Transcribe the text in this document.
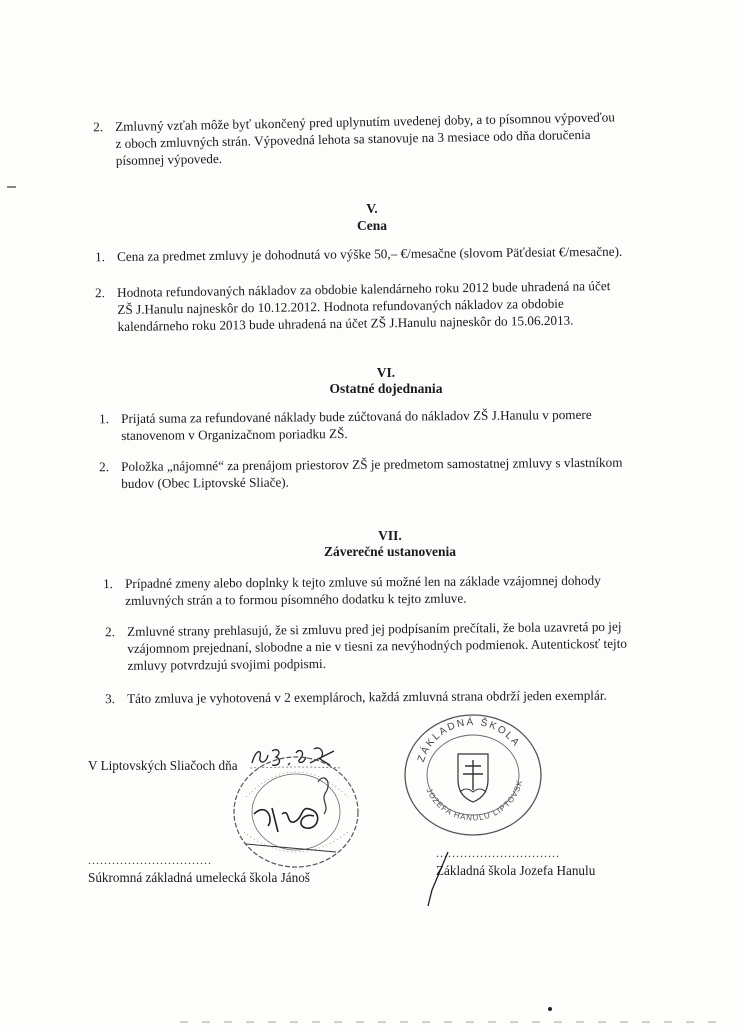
2. Zmluvný vzťah môže byť ukončený pred uplynutím uvedenej doby, a to písomnou výpoveďou
z oboch zmluvných strán. Výpovedná lehota sa stanovuje na 3 mesiace odo dňa doručenia
písomnej výpovede.
V.
Cena
1. Cena za predmet zmluvy je dohodnutá vo výške 50,– €/mesačne (slovom Päťdesiat €/mesačne).
2. Hodnota refundovaných nákladov za obdobie kalendárneho roku 2012 bude uhradená na účet
ZŠ J.Hanulu najneskôr do 10.12.2012. Hodnota refundovaných nákladov za obdobie
kalendárneho roku 2013 bude uhradená na účet ZŠ J.Hanulu najneskôr do 15.06.2013.
VI.
Ostatné dojednania
1. Prijatá suma za refundované náklady bude zúčtovaná do nákladov ZŠ J.Hanulu v pomere
stanovenom v Organizačnom poriadku ZŠ.
2. Položka „nájomné“ za prenájom priestorov ZŠ je predmetom samostatnej zmluvy s vlastníkom
budov (Obec Liptovské Sliače).
VII.
Záverečné ustanovenia
1. Prípadné zmeny alebo doplnky k tejto zmluve sú možné len na základe vzájomnej dohody
zmluvných strán a to formou písomného dodatku k tejto zmluve.
2. Zmluvné strany prehlasujú, že si zmluvu pred jej podpísaním prečítali, že bola uzavretá po jej
vzájomnom prejednaní, slobodne a nie v tiesni za nevýhodných podmienok. Autentickosť tejto
zmluvy potvrdzujú svojimi podpismi.
3. Táto zmluva je vyhotovená v 2 exemplároch, každá zmluvná strana obdrží jeden exemplár.
V Liptovských Sliačoch dňa
ZÁKLADNÁ ŠKOLA
JOZEFA HANULU LIPTOVSK
...............................	...............................
Súkromná základná umelecká škola Jánoš	Základná škola Jozefa Hanulu
